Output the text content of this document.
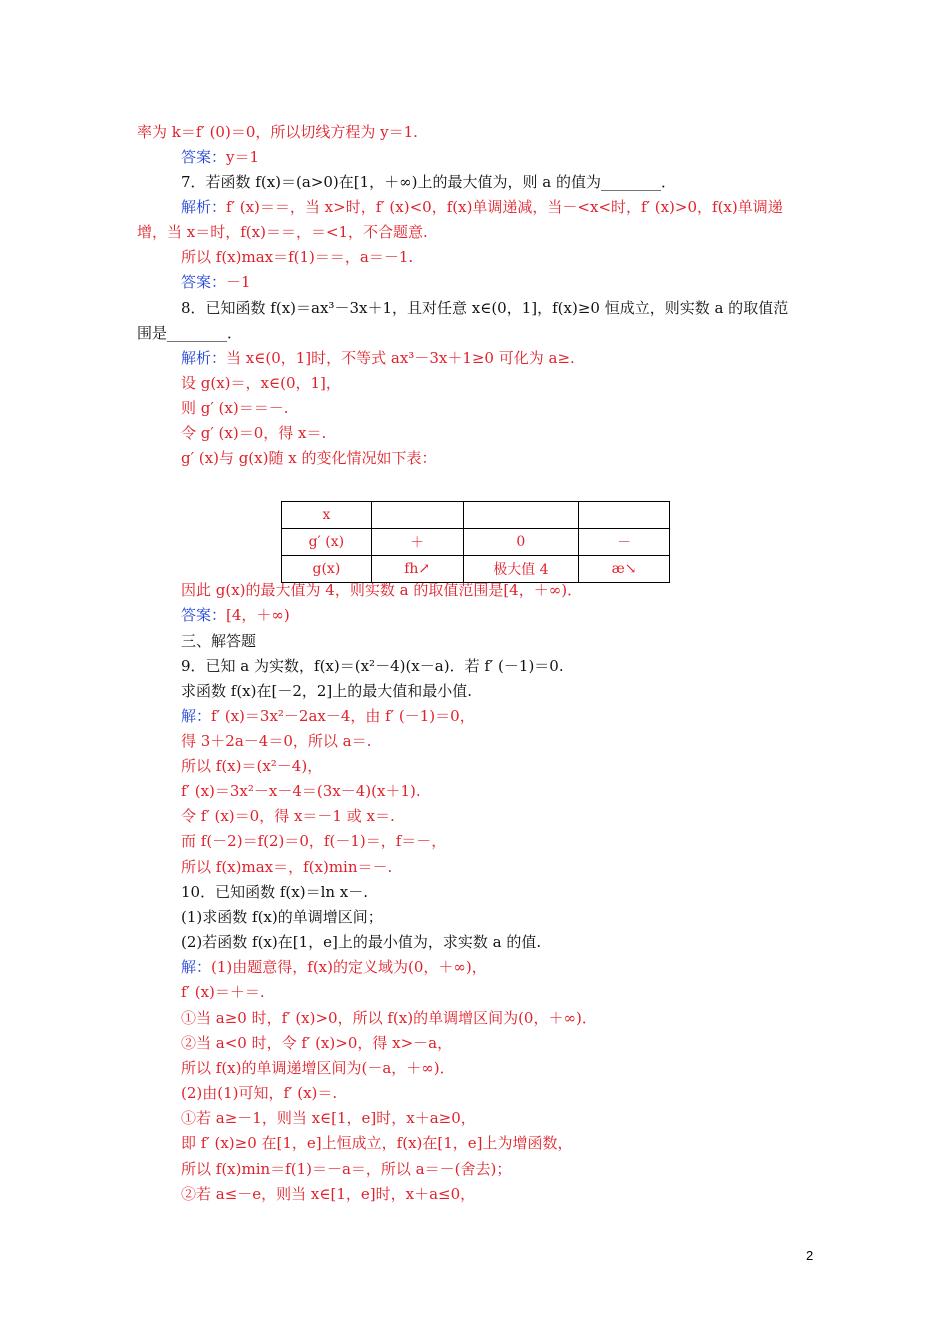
率为 k＝f′ (0)＝0，所以切线方程为 y＝1.
答案：y＝1
7．若函数 f(x)＝(a>0)在[1，＋∞)上的最大值为，则 a 的值为________．
解析：f′ (x)＝＝，当 x>时，f′ (x)<0，f(x)单调递减，当－<x<时，f′ (x)>0，f(x)单调递
增，当 x＝时，f(x)＝＝，＝<1，不合题意.
所以 f(x)max＝f(1)＝＝，a＝－1.
答案：－1
8．已知函数 f(x)＝ax³－3x＋1，且对任意 x∈(0，1]，f(x)≥0 恒成立，则实数 a 的取值范
围是________．
解析：当 x∈(0，1]时，不等式 ax³－3x＋1≥0 可化为 a≥.
设 g(x)＝，x∈(0，1]，
则 g′ (x)＝＝－.
令 g′ (x)＝0，得 x＝.
g′ (x)与 g(x)随 x 的变化情况如下表：
因此 g(x)的最大值为 4，则实数 a 的取值范围是[4，＋∞)．
答案：[4，＋∞)
三、解答题
9．已知 a 为实数，f(x)＝(x²－4)(x－a)．若 f′ (－1)＝0.
求函数 f(x)在[－2，2]上的最大值和最小值.
解：f′ (x)＝3x²－2ax－4，由 f′ (－1)＝0，
得 3＋2a－4＝0，所以 a＝.
所以 f(x)＝(x²－4)，
f′ (x)＝3x²－x－4＝(3x－4)(x＋1).
令 f′ (x)＝0，得 x＝－1 或 x＝.
而 f(－2)＝f(2)＝0，f(－1)＝，f＝－，
所以 f(x)max＝，f(x)min＝－.
10．已知函数 f(x)＝ln x－.
(1)求函数 f(x)的单调增区间；
(2)若函数 f(x)在[1，e]上的最小值为，求实数 a 的值.
解：(1)由题意得，f(x)的定义域为(0，＋∞)，
f′ (x)＝＋＝.
①当 a≥0 时，f′ (x)>0，所以 f(x)的单调增区间为(0，＋∞)．
②当 a<0 时，令 f′ (x)>0，得 x>－a，
所以 f(x)的单调递增区间为(－a，＋∞)．
(2)由(1)可知，f′ (x)＝.
①若 a≥－1，则当 x∈[1，e]时，x＋a≥0，
即 f′ (x)≥0 在[1，e]上恒成立，f(x)在[1，e]上为增函数，
所以 f(x)min＝f(1)＝－a＝，所以 a＝－(舍去)；
②若 a≤－e，则当 x∈[1，e]时，x＋a≤0，
x			
g′ (x)	＋	0	－
g(x)	fh↗	极大值 4	æ↘
2
